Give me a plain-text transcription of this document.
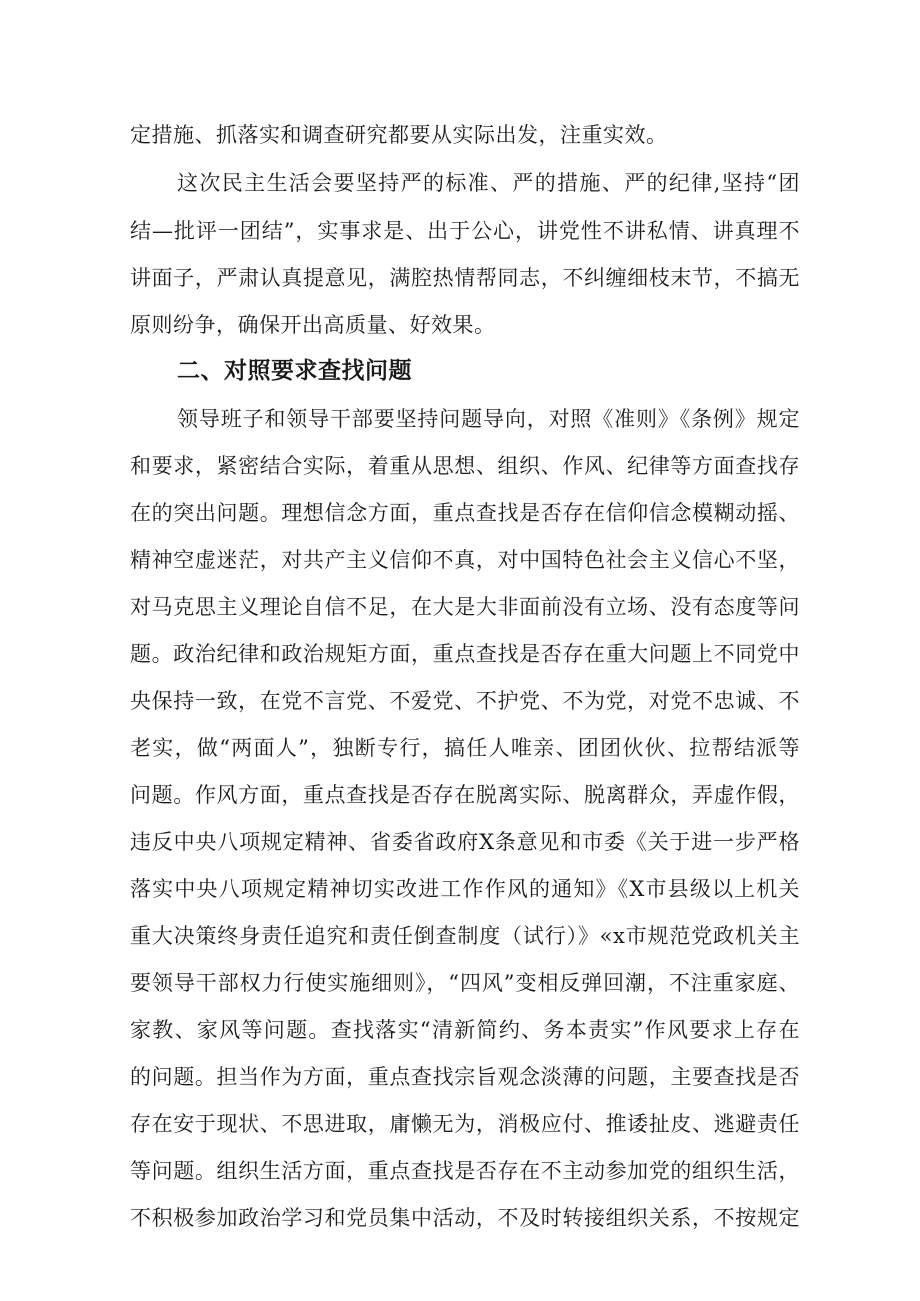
定措施、抓落实和调查研究都要从实际出发，注重实效。
这次民主生活会要坚持严的标准、严的措施、严的纪律,坚持“团
结—批评一团结”，实事求是、出于公心，讲党性不讲私情、讲真理不
讲面子，严肃认真提意见，满腔热情帮同志，不纠缠细枝末节，不搞无
原则纷争，确保开出高质量、好效果。
二、对照要求查找问题
领导班子和领导干部要坚持问题导向，对照《准则》《条例》规定
和要求，紧密结合实际，着重从思想、组织、作风、纪律等方面查找存
在的突出问题。理想信念方面，重点查找是否存在信仰信念模糊动摇、
精神空虚迷茫，对共产主义信仰不真，对中国特色社会主义信心不坚，
对马克思主义理论自信不足，在大是大非面前没有立场、没有态度等问
题。政治纪律和政治规矩方面，重点查找是否存在重大问题上不同党中
央保持一致，在党不言党、不爱党、不护党、不为党，对党不忠诚、不
老实，做“两面人”，独断专行，搞任人唯亲、团团伙伙、拉帮结派等
问题。作风方面，重点查找是否存在脱离实际、脱离群众，弄虚作假，
违反中央八项规定精神、省委省政府X条意见和市委《关于进一步严格
落实中央八项规定精神切实改进工作作风的通知》《X市县级以上机关
重大决策终身责任追究和责任倒查制度（试行）》«x市规范党政机关主
要领导干部权力行使实施细则》，“四风”变相反弹回潮，不注重家庭、
家教、家风等问题。查找落实“清新简约、务本责实”作风要求上存在
的问题。担当作为方面，重点查找宗旨观念淡薄的问题，主要查找是否
存在安于现状、不思进取，庸懒无为，消极应付、推诿扯皮、逃避责任
等问题。组织生活方面，重点查找是否存在不主动参加党的组织生活，
不积极参加政治学习和党员集中活动，不及时转接组织关系，不按规定
